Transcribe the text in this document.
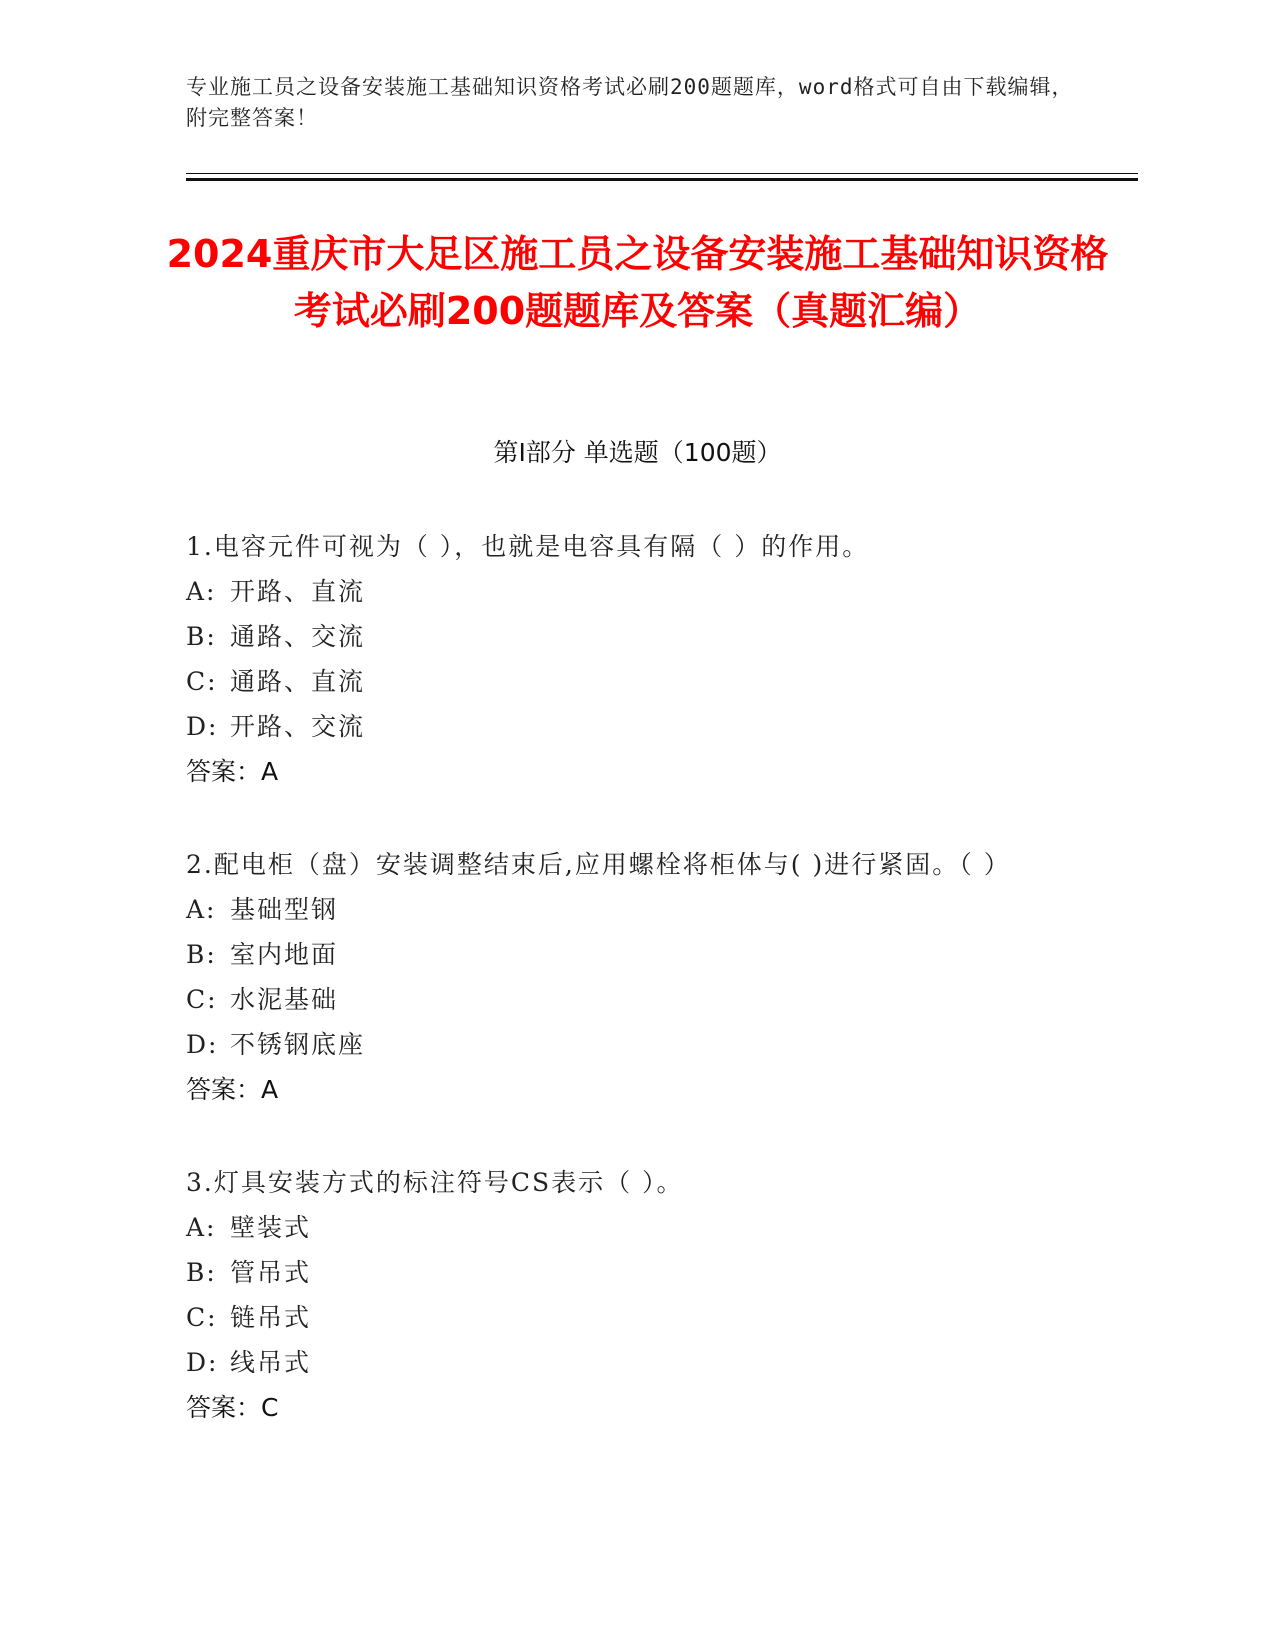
专业施工员之设备安装施工基础知识资格考试必刷200题题库，word格式可自由下载编辑，附完整答案！
2024重庆市大足区施工员之设备安装施工基础知识资格考试必刷200题题库及答案（真题汇编）
第Ⅰ部分 单选题（100题）
1.电容元件可视为（ ），也就是电容具有隔（ ）的作用。
A: 开路、直流
B: 通路、交流
C: 通路、直流
D: 开路、交流
答案：A
2.配电柜（盘）安装调整结束后,应用螺栓将柜体与( )进行紧固。（ ）
A: 基础型钢
B: 室内地面
C: 水泥基础
D: 不锈钢底座
答案：A
3.灯具安装方式的标注符号CS表示（ ）。
A: 壁装式
B: 管吊式
C: 链吊式
D: 线吊式
答案：C
